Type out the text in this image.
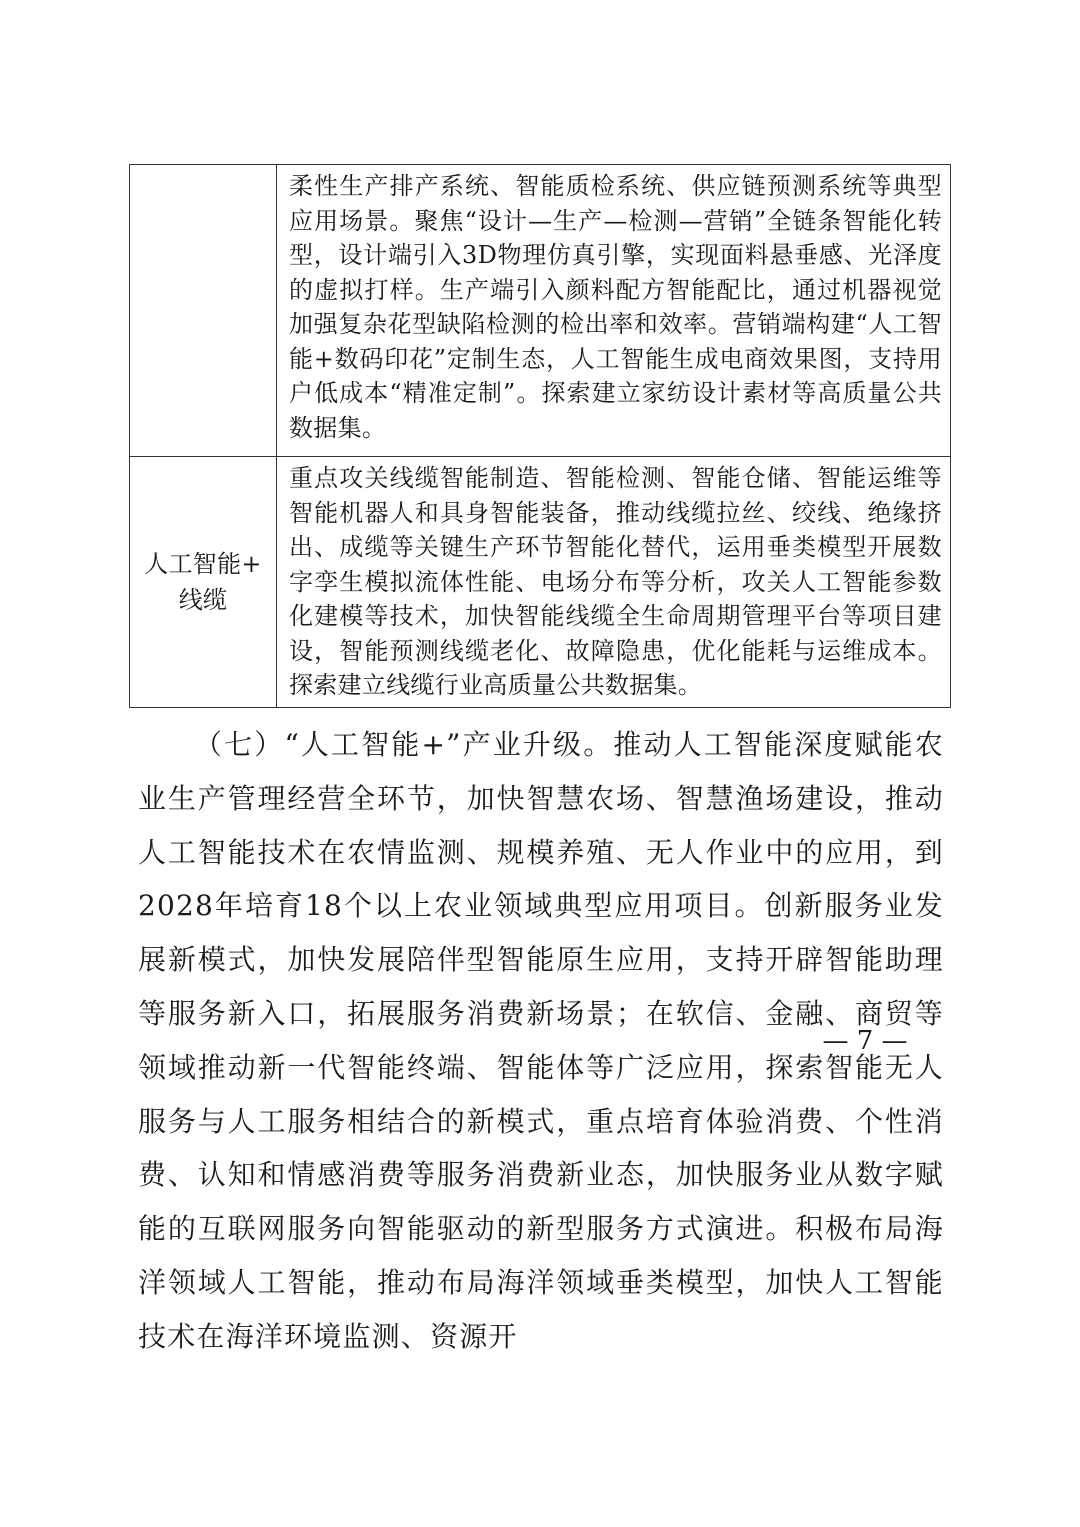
	柔性生产排产系统、智能质检系统、供应链预测系统等典型应用场景。聚焦“设计—生产—检测—营销”全链条智能化转型，设计端引入3D物理仿真引擎，实现面料悬垂感、光泽度的虚拟打样。生产端引入颜料配方智能配比，通过机器视觉加强复杂花型缺陷检测的检出率和效率。营销端构建“人工智能+数码印花”定制生态，人工智能生成电商效果图，支持用户低成本“精准定制”。探索建立家纺设计素材等高质量公共数据集。

人工智能+
线缆	重点攻关线缆智能制造、智能检测、智能仓储、智能运维等智能机器人和具身智能装备，推动线缆拉丝、绞线、绝缘挤出、成缆等关键生产环节智能化替代，运用垂类模型开展数字孪生模拟流体性能、电场分布等分析，攻关人工智能参数化建模等技术，加快智能线缆全生命周期管理平台等项目建设，智能预测线缆老化、故障隐患，优化能耗与运维成本。探索建立线缆行业高质量公共数据集。

（七）“人工智能+”产业升级。推动人工智能深度赋能农业生产管理经营全环节，加快智慧农场、智慧渔场建设，推动人工智能技术在农情监测、规模养殖、无人作业中的应用，到2028年培育18个以上农业领域典型应用项目。创新服务业发展新模式，加快发展陪伴型智能原生应用，支持开辟智能助理等服务新入口，拓展服务消费新场景；在软信、金融、商贸等领域推动新一代智能终端、智能体等广泛应用，探索智能无人服务与人工服务相结合的新模式，重点培育体验消费、个性消费、认知和情感消费等服务消费新业态，加快服务业从数字赋能的互联网服务向智能驱动的新型服务方式演进。积极布局海洋领域人工智能，推动布局海洋领域垂类模型，加快人工智能技术在海洋环境监测、资源开

— 7 —
